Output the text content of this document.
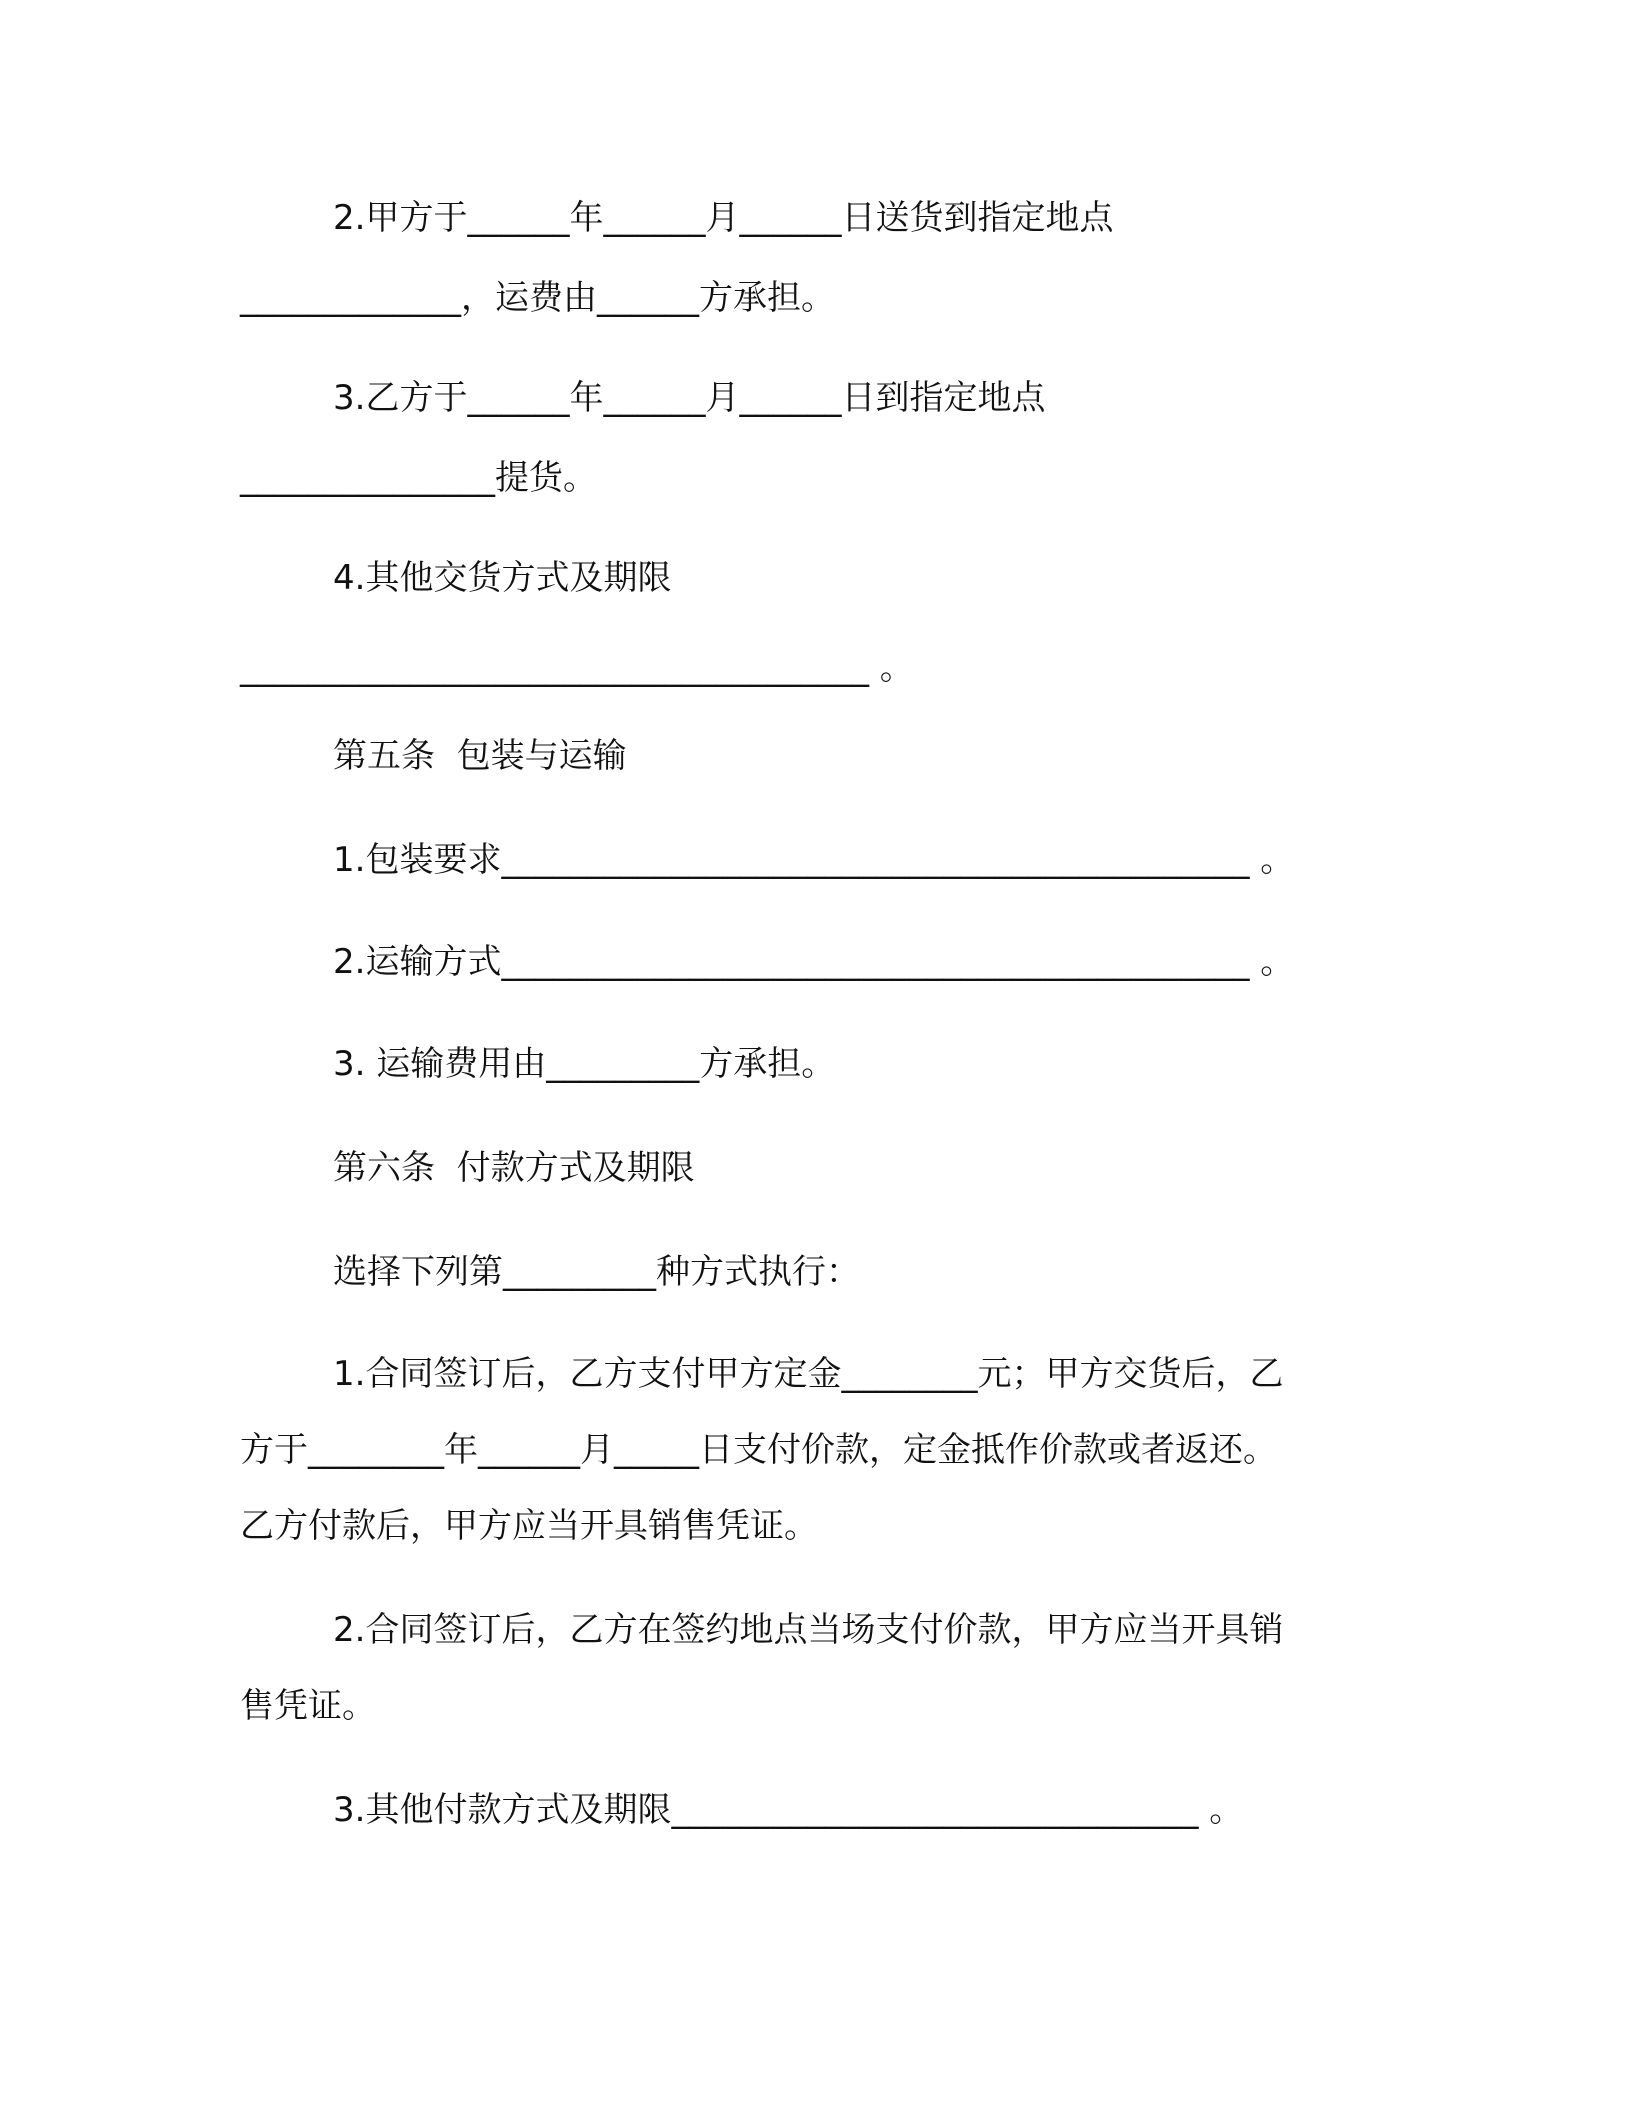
2.甲方于______年______月______日送货到指定地点
_____________，运费由______方承担。
3.乙方于______年______月______日到指定地点
_______________提货。
4.其他交货方式及期限
_____________________________________ 。
第五条  包装与运输
1.包装要求____________________________________________ 。
2.运输方式____________________________________________ 。
3. 运输费用由_________方承担。
第六条  付款方式及期限
选择下列第_________种方式执行：
1.合同签订后，乙方支付甲方定金________元；甲方交货后，乙
方于________年______月_____日支付价款，定金抵作价款或者返还。
乙方付款后，甲方应当开具销售凭证。
2.合同签订后，乙方在签约地点当场支付价款，甲方应当开具销
售凭证。
3.其他付款方式及期限_______________________________ 。
